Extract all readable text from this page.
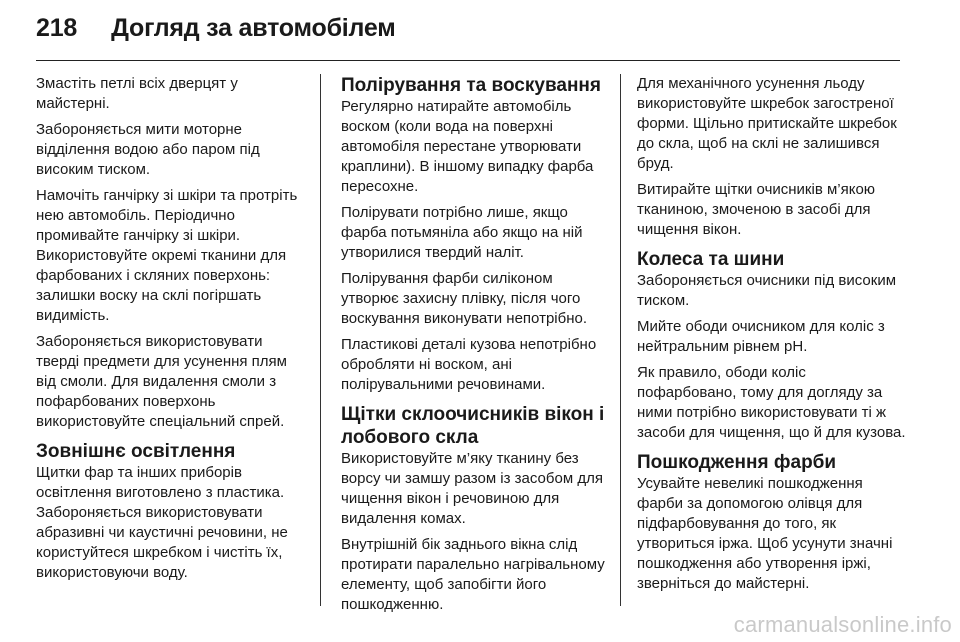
218 Догляд за автомобілем

Змастіть петлі всіх дверцят у майстерні.

Забороняється мити моторне відділення водою або паром під високим тиском.

Намочіть ганчірку зі шкіри та протріть нею автомобіль. Періодично промивайте ганчірку зі шкіри. Використовуйте окремі тканини для фарбованих і скляних поверхонь: залишки воску на склі погіршать видимість.

Забороняється використовувати тверді предмети для усунення плям від смоли. Для видалення смоли з пофарбованих поверхонь використовуйте спеціальний спрей.

Зовнішнє освітлення

Щитки фар та інших приборів освітлення виготовлено з пластика. Забороняється використовувати абразивні чи каустичні речовини, не користуйтеся шкребком і чистіть їх, використовуючи воду.

Полірування та воскування

Регулярно натирайте автомобіль воском (коли вода на поверхні автомобіля перестане утворювати краплини). В іншому випадку фарба пересохне.

Полірувати потрібно лише, якщо фарба потьмяніла або якщо на ній утворилися твердий наліт.

Полірування фарби силіконом утворює захисну плівку, після чого воскування виконувати непотрібно.

Пластикові деталі кузова непотрібно обробляти ні воском, ані полірувальними речовинами.

Щітки склоочисників вікон і лобового скла

Використовуйте м’яку тканину без ворсу чи замшу разом із засобом для чищення вікон і речовиною для видалення комах.

Внутрішній бік заднього вікна слід протирати паралельно нагрівальному елементу, щоб запобігти його пошкодженню.

Для механічного усунення льоду використовуйте шкребок загостреної форми. Щільно притискайте шкребок до скла, щоб на склі не залишився бруд.

Витирайте щітки очисників м’якою тканиною, змоченою в засобі для чищення вікон.

Колеса та шини

Забороняється очисники під високим тиском.

Мийте ободи очисником для коліс з нейтральним рівнем pH.

Як правило, ободи коліс пофарбовано, тому для догляду за ними потрібно використовувати ті ж засоби для чищення, що й для кузова.

Пошкодження фарби

Усувайте невеликі пошкодження фарби за допомогою олівця для підфарбовування до того, як утвориться іржа. Щоб усунути значні пошкодження або утворення іржі, зверніться до майстерні.

carmanualsonline.info
